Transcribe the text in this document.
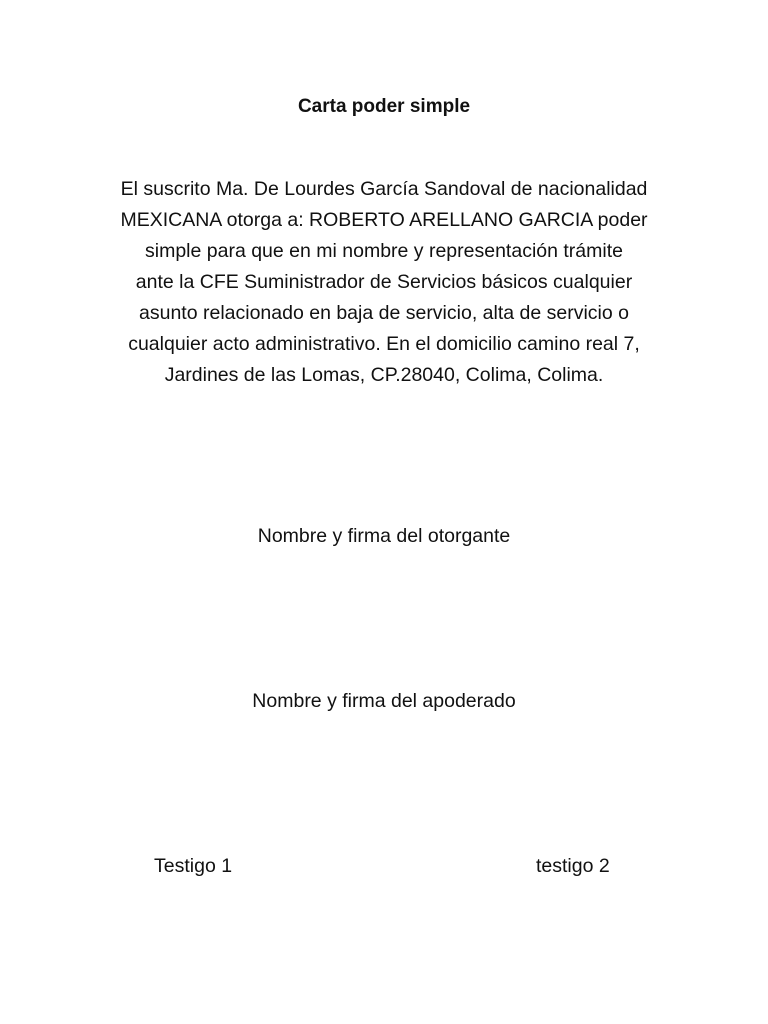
Carta poder simple
El suscrito Ma. De Lourdes García Sandoval de nacionalidad
MEXICANA otorga a: ROBERTO ARELLANO GARCIA poder
simple para que en mi nombre y representación trámite
ante la CFE Suministrador de Servicios básicos cualquier
asunto relacionado en baja de servicio, alta de servicio o
cualquier acto administrativo. En el domicilio camino real 7,
Jardines de las Lomas, CP.28040, Colima, Colima.
Nombre y firma del otorgante
Nombre y firma del apoderado
Testigo 1	testigo 2
